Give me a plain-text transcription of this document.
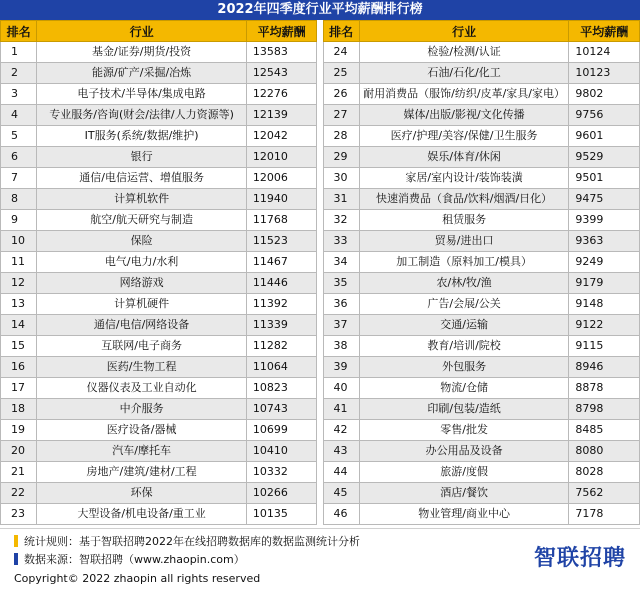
2022年四季度行业平均薪酬排行榜
排名	行业	平均薪酬		排名	行业	平均薪酬
1	基金/证券/期货/投资	13583		24	检验/检测/认证	10124
2	能源/矿产/采掘/冶炼	12543		25	石油/石化/化工	10123
3	电子技术/半导体/集成电路	12276		26	耐用消费品（服饰/纺织/皮革/家具/家电）	9802
4	专业服务/咨询(财会/法律/人力资源等)	12139		27	媒体/出版/影视/文化传播	9756
5	IT服务(系统/数据/维护)	12042		28	医疗/护理/美容/保健/卫生服务	9601
6	银行	12010		29	娱乐/体育/休闲	9529
7	通信/电信运营、增值服务	12006		30	家居/室内设计/装饰装潢	9501
8	计算机软件	11940		31	快速消费品（食品/饮料/烟酒/日化）	9475
9	航空/航天研究与制造	11768		32	租赁服务	9399
10	保险	11523		33	贸易/进出口	9363
11	电气/电力/水利	11467		34	加工制造（原料加工/模具）	9249
12	网络游戏	11446		35	农/林/牧/渔	9179
13	计算机硬件	11392		36	广告/会展/公关	9148
14	通信/电信/网络设备	11339		37	交通/运输	9122
15	互联网/电子商务	11282		38	教育/培训/院校	9115
16	医药/生物工程	11064		39	外包服务	8946
17	仪器仪表及工业自动化	10823		40	物流/仓储	8878
18	中介服务	10743		41	印刷/包装/造纸	8798
19	医疗设备/器械	10699		42	零售/批发	8485
20	汽车/摩托车	10410		43	办公用品及设备	8080
21	房地产/建筑/建材/工程	10332		44	旅游/度假	8028
22	环保	10266		45	酒店/餐饮	7562
23	大型设备/机电设备/重工业	10135		46	物业管理/商业中心	7178
统计规则：基于智联招聘2022年在线招聘数据库的数据监测统计分析
数据来源：智联招聘（www.zhaopin.com）
Copyright© 2022 zhaopin all rights reserved
智联招聘
